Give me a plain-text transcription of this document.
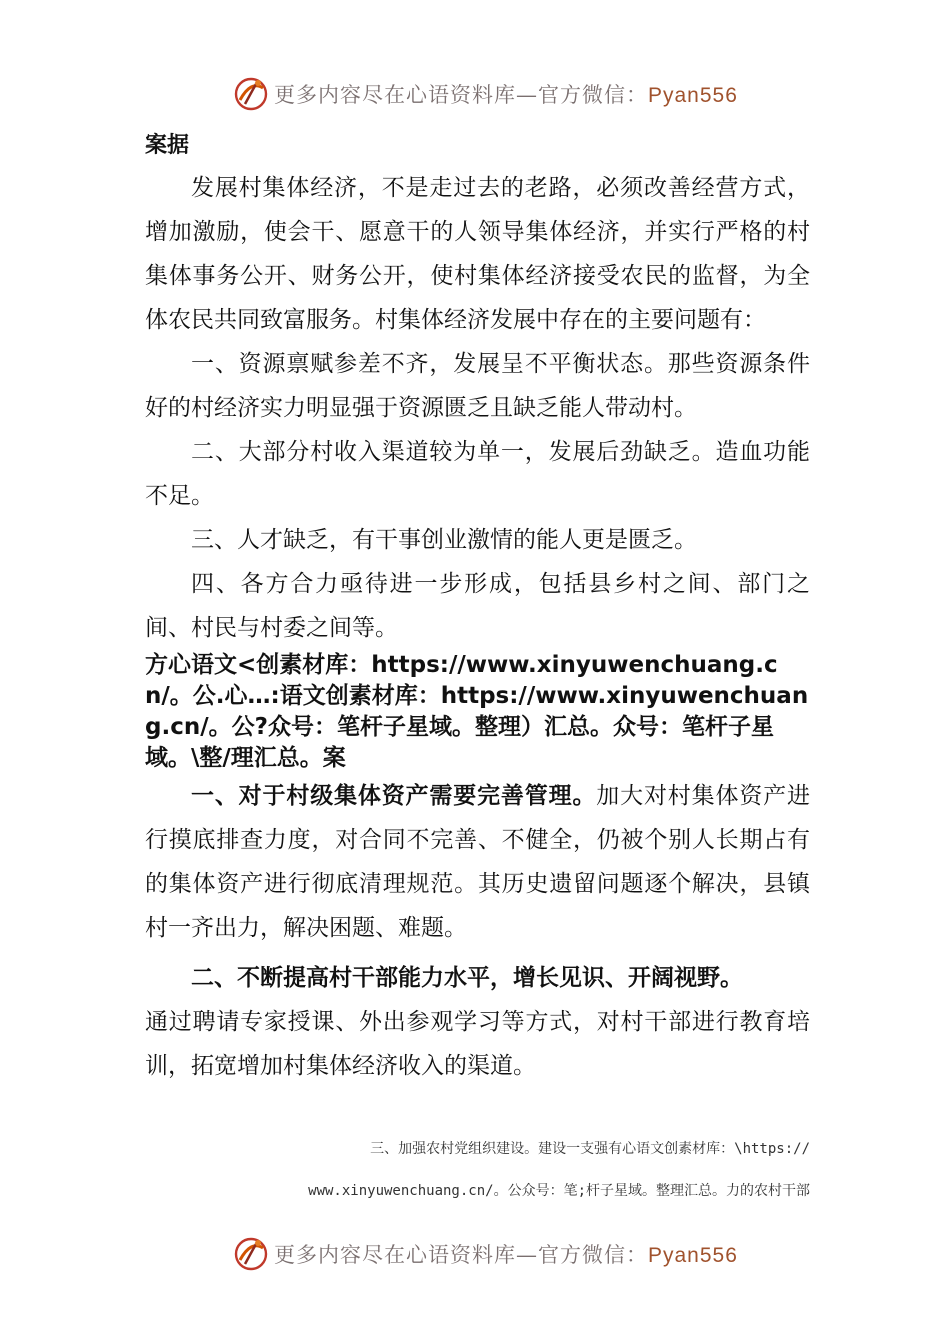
更多内容尽在心语资料库—官方微信：Pyan556
案据

发展村集体经济，不是走过去的老路，必须改善经营方式，增加激励，使会干、愿意干的人领导集体经济，并实行严格的村集体事务公开、财务公开，使村集体经济接受农民的监督，为全体农民共同致富服务。村集体经济发展中存在的主要问题有：

一、资源禀赋参差不齐，发展呈不平衡状态。那些资源条件好的村经济实力明显强于资源匮乏且缺乏能人带动村。

二、大部分村收入渠道较为单一，发展后劲缺乏。造血功能不足。

三、人才缺乏，有干事创业激情的能人更是匮乏。

四、各方合力亟待进一步形成，包括县乡村之间、部门之间、村民与村委之间等。

方心语文<创素材库：https://www.xinyuwenchuang.cn/。公.心…:语文创素材库：https://www.xinyuwenchuang.cn/。公?众号：笔杆子星域。整理）汇总。众号：笔杆子星域。\整/理汇总。案

一、对于村级集体资产需要完善管理。加大对村集体资产进行摸底排查力度，对合同不完善、不健全，仍被个别人长期占有的集体资产进行彻底清理规范。其历史遗留问题逐个解决，县镇村一齐出力，解决困题、难题。

二、不断提高村干部能力水平，增长见识、开阔视野。

通过聘请专家授课、外出参观学习等方式，对村干部进行教育培训，拓宽增加村集体经济收入的渠道。

三、加强农村党组织建设。建设一支强有心语文创素材库：\https://

www.xinyuwenchuang.cn/。公众号：笔;杆子星域。整理汇总。力的农村干部

更多内容尽在心语资料库—官方微信：Pyan556
